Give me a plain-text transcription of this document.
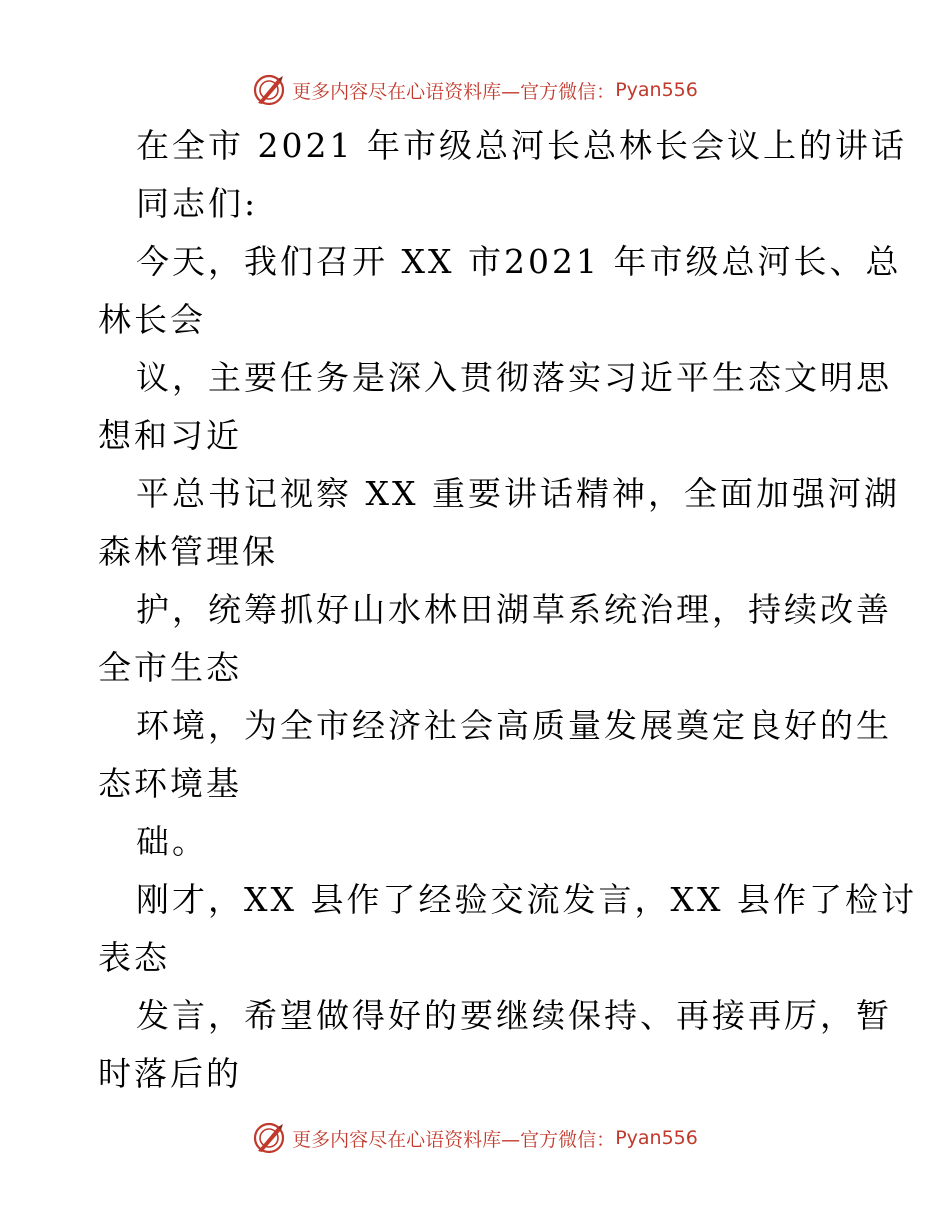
更多内容尽在心语资料库— 官方微信： Pyan556
在全市 2021 年市级总河长总林长会议上的讲话
同志们:
今天，我们召开 XX 市2021 年市级总河长、总
林长会
议，主要任务是深入贯彻落实习近平生态文明思
想和习近
平总书记视察 XX 重要讲话精神，全面加强河湖
森林管理保
护，统筹抓好山水林田湖草系统治理，持续改善
全市生态
环境，为全市经济社会高质量发展奠定良好的生
态环境基
础。
刚才，XX 县作了经验交流发言，XX 县作了检讨
表态
发言，希望做得好的要继续保持、再接再厉，暂
时落后的
更多内容尽在心语资料库— 官方微信： Pyan556
